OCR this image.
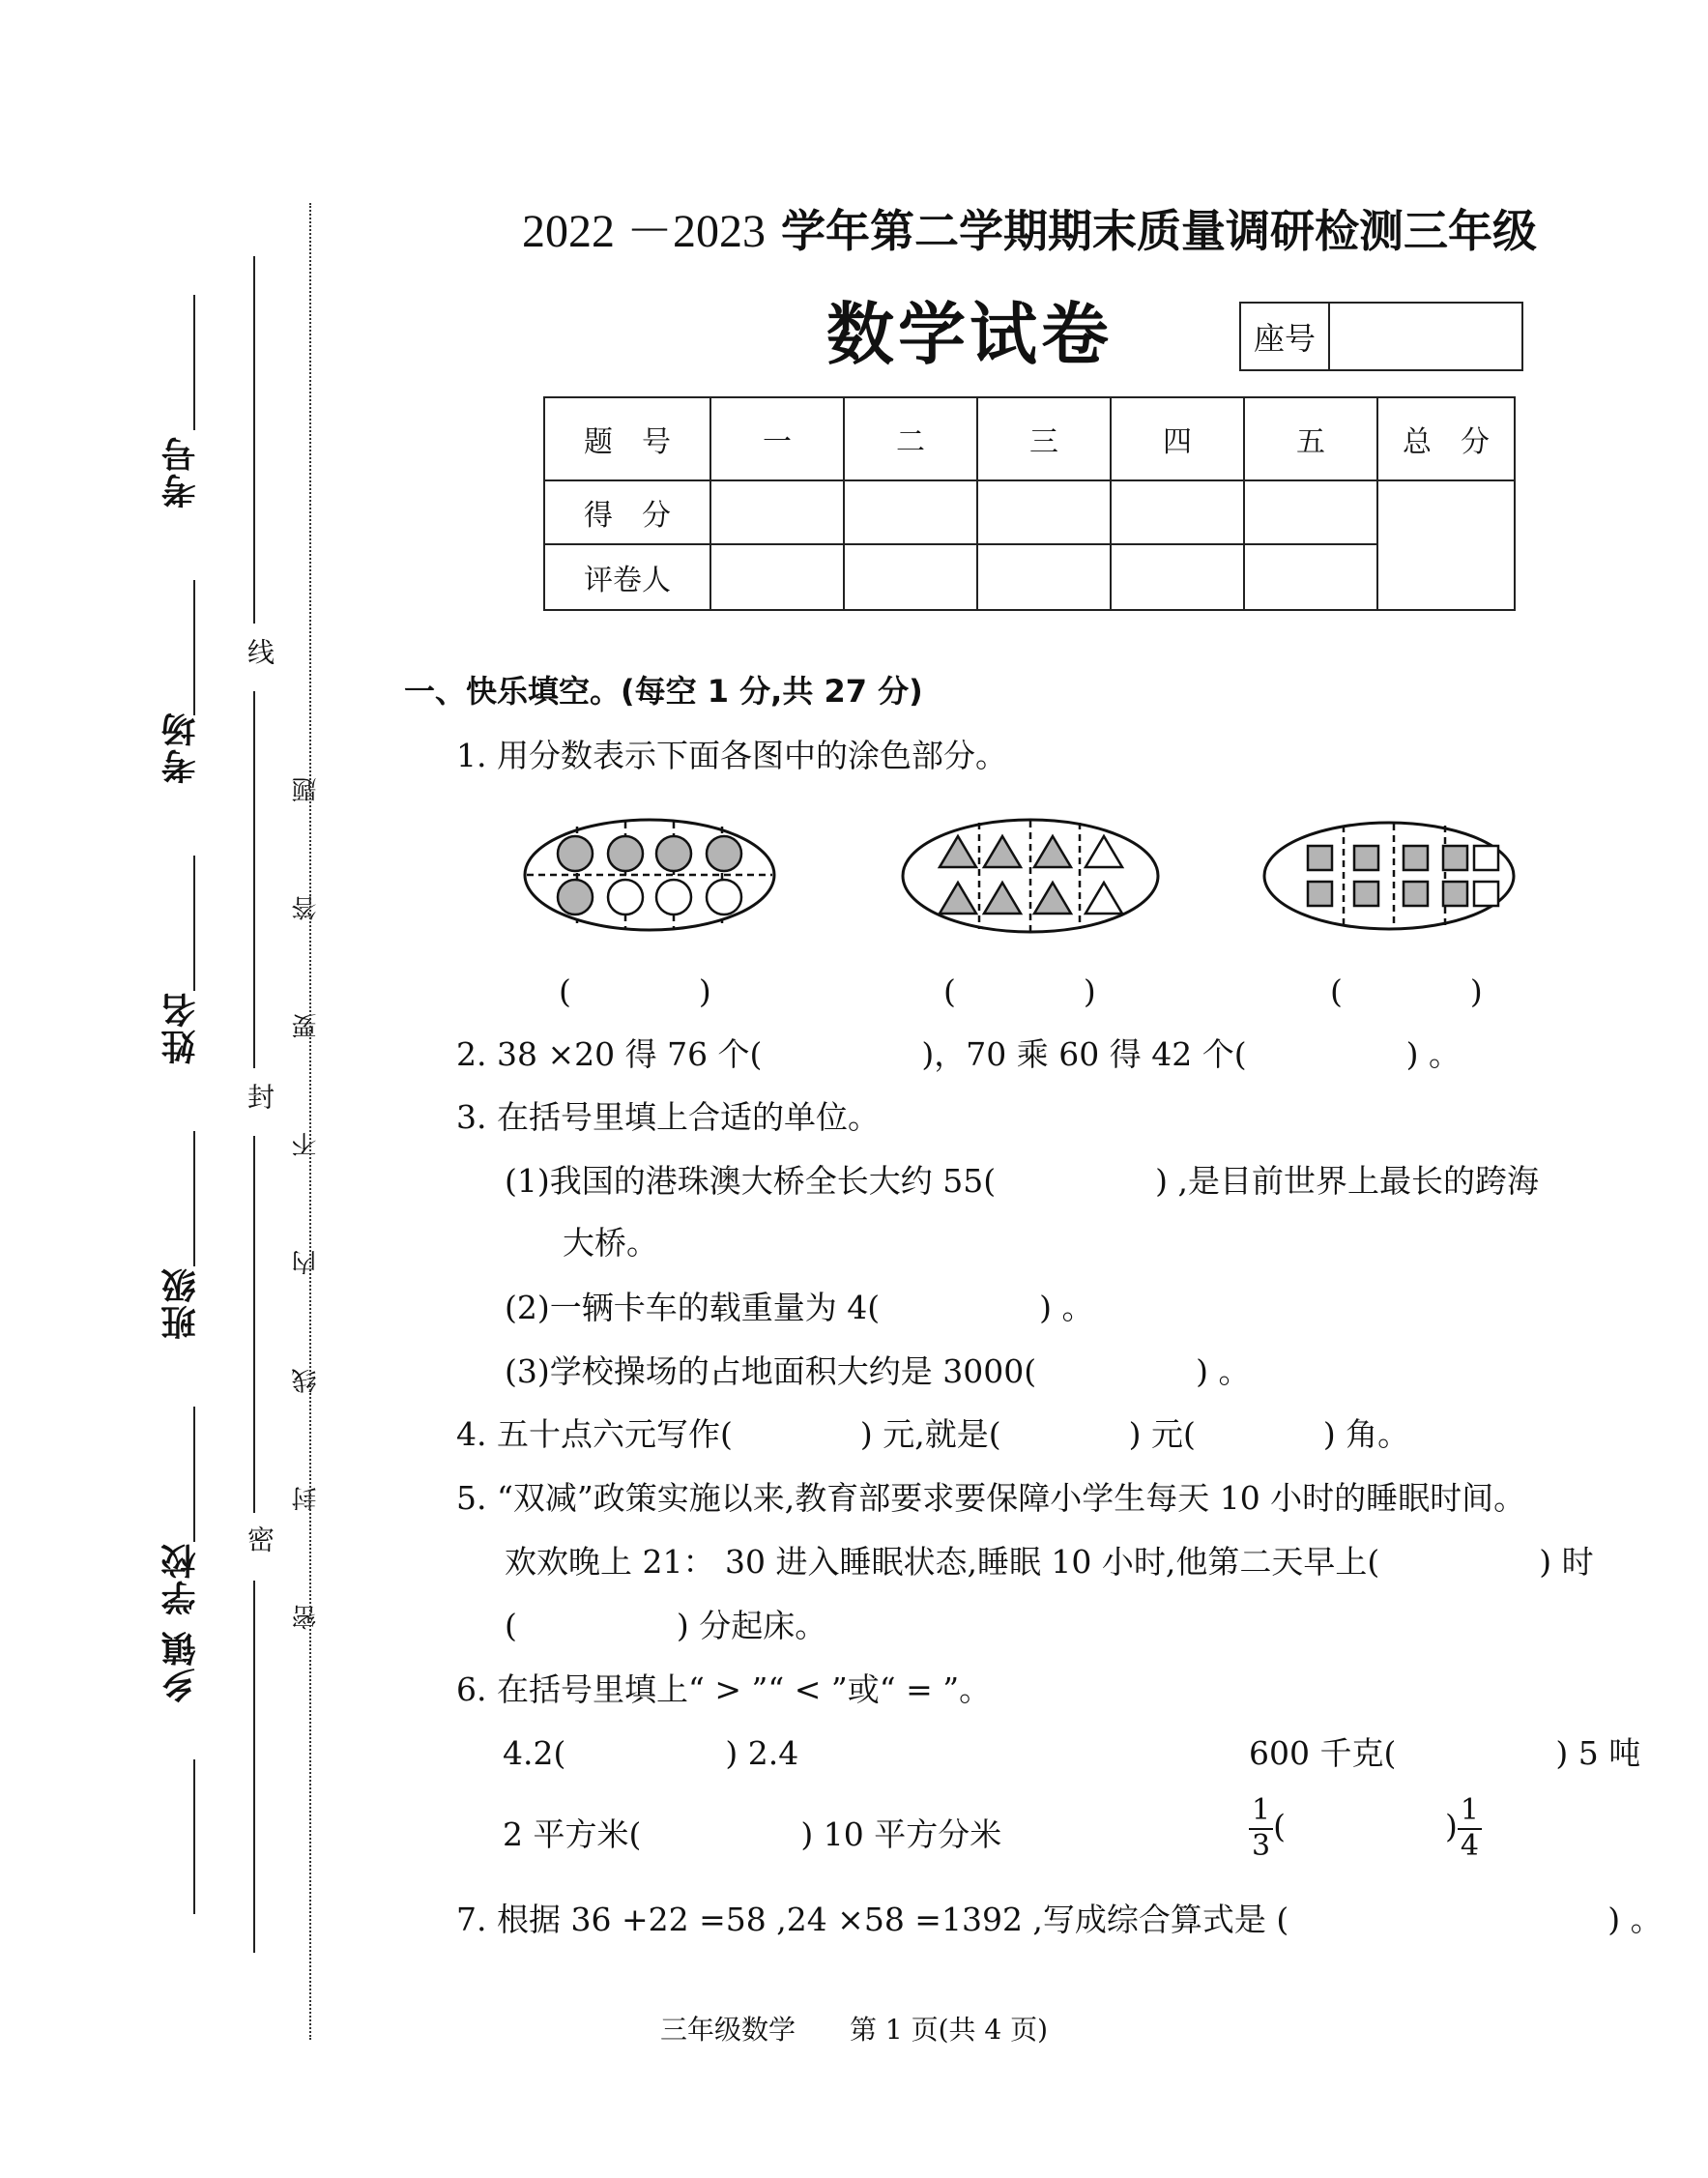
考号
考场
姓名
班级
乡镇 学校
线
封
密 密 封 线 内 不 要 答 题
2022 －2023 学年第二学期期末质量调研检测三年级
数学试卷	座号
题　号	一	二	三	四	五	总　分
得　分						
评卷人						
一、快乐填空。(每空 1 分,共 27 分)
1. 用分数表示下面各图中的涂色部分。
(　　　　)	(　　　　)	(　　　　)
2. 38 ×20 得 76 个(　　　　　)，70 乘 60 得 42 个(　　　　　) 。
3. 在括号里填上合适的单位。
(1)我国的港珠澳大桥全长大约 55(　　　　　) ,是目前世界上最长的跨海
大桥。
(2)一辆卡车的载重量为 4(　　　　　) 。
(3)学校操场的占地面积大约是 3000(　　　　　) 。
4. 五十点六元写作(　　　　) 元,就是(　　　　) 元(　　　　) 角。
5. “双减”政策实施以来,教育部要求要保障小学生每天 10 小时的睡眠时间。
欢欢晚上 21： 30 进入睡眠状态,睡眠 10 小时,他第二天早上(　　　　　) 时
(　　　　　) 分起床。
6. 在括号里填上“ > ”“ < ”或“ = ”。
4.2(　　　　　) 2.4	600 千克(　　　　　) 5 吨
2 平方米(　　　　　) 10 平方分米	$\frac{1}{3}$ (　　　　　) $\frac{1}{4}$
7. 根据 36 +22 =58 ,24 ×58 =1392 ,写成综合算式是 (　　　　　　　　　　) 。
三年级数学　　第 1 页(共 4 页)
